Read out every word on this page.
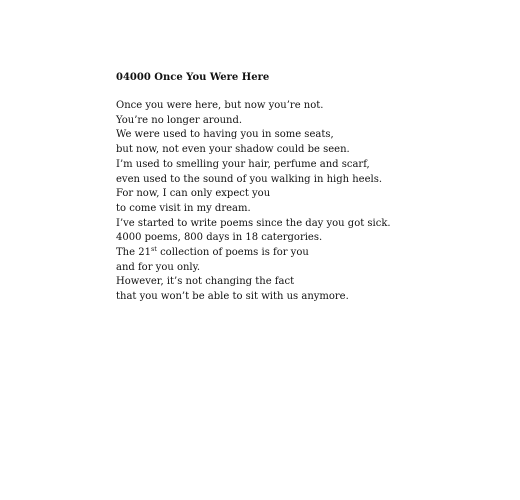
04000 Once You Were Here
Once you were here, but now you’re not.
You’re no longer around.
We were used to having you in some seats,
but now, not even your shadow could be seen.
I’m used to smelling your hair, perfume and scarf,
even used to the sound of you walking in high heels.
For now, I can only expect you
to come visit in my dream.
I’ve started to write poems since the day you got sick.
4000 poems, 800 days in 18 catergories.
The 21st collection of poems is for you
and for you only.
However, it’s not changing the fact
that you won’t be able to sit with us anymore.
